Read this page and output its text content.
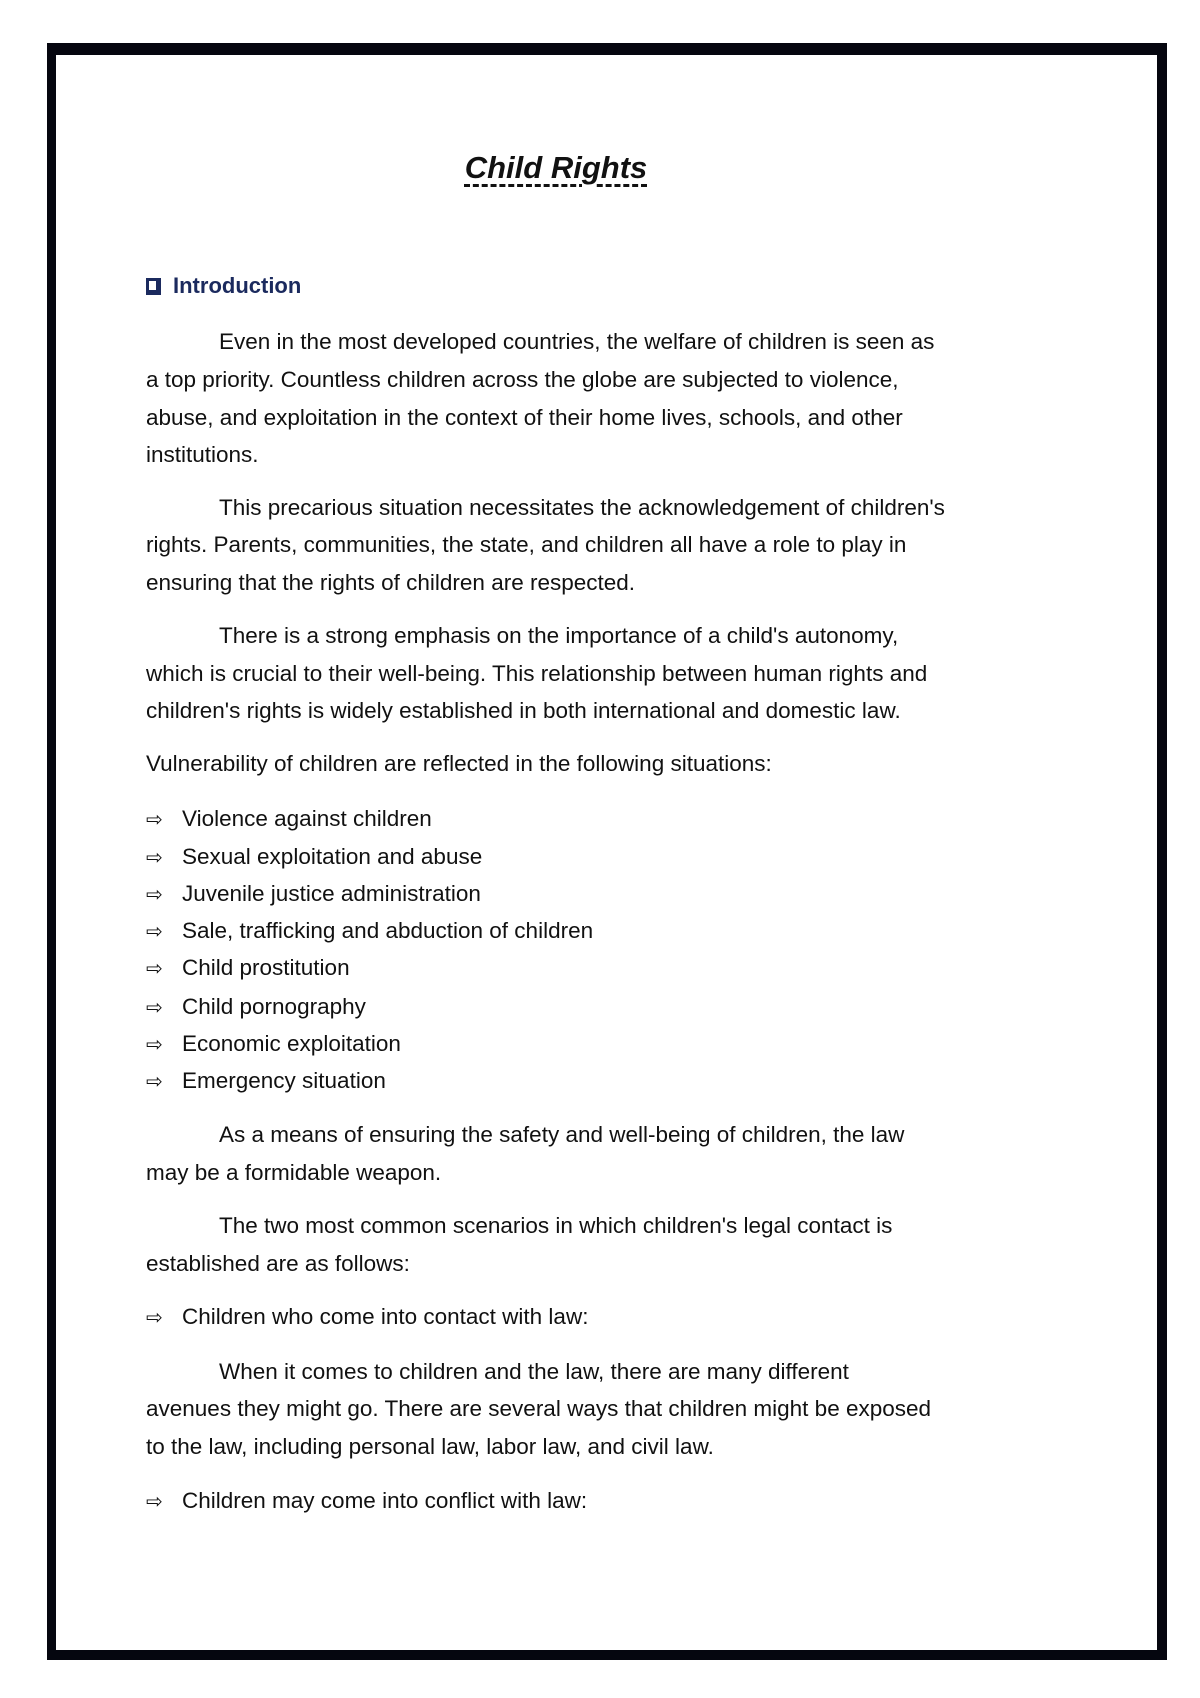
Child Rights
Introduction
Even in the most developed countries, the welfare of children is seen as
a top priority. Countless children across the globe are subjected to violence,
abuse, and exploitation in the context of their home lives, schools, and other
institutions.
This precarious situation necessitates the acknowledgement of children's
rights. Parents, communities, the state, and children all have a role to play in
ensuring that the rights of children are respected.
There is a strong emphasis on the importance of a child's autonomy,
which is crucial to their well-being. This relationship between human rights and
children's rights is widely established in both international and domestic law.
Vulnerability of children are reflected in the following situations:
⇨ Violence against children
⇨ Sexual exploitation and abuse
⇨ Juvenile justice administration
⇨ Sale, trafficking and abduction of children
⇨ Child prostitution
⇨ Child pornography
⇨ Economic exploitation
⇨ Emergency situation
As a means of ensuring the safety and well-being of children, the law
may be a formidable weapon.
The two most common scenarios in which children's legal contact is
established are as follows:
⇨ Children who come into contact with law:
When it comes to children and the law, there are many different
avenues they might go. There are several ways that children might be exposed
to the law, including personal law, labor law, and civil law.
⇨ Children may come into conflict with law:
